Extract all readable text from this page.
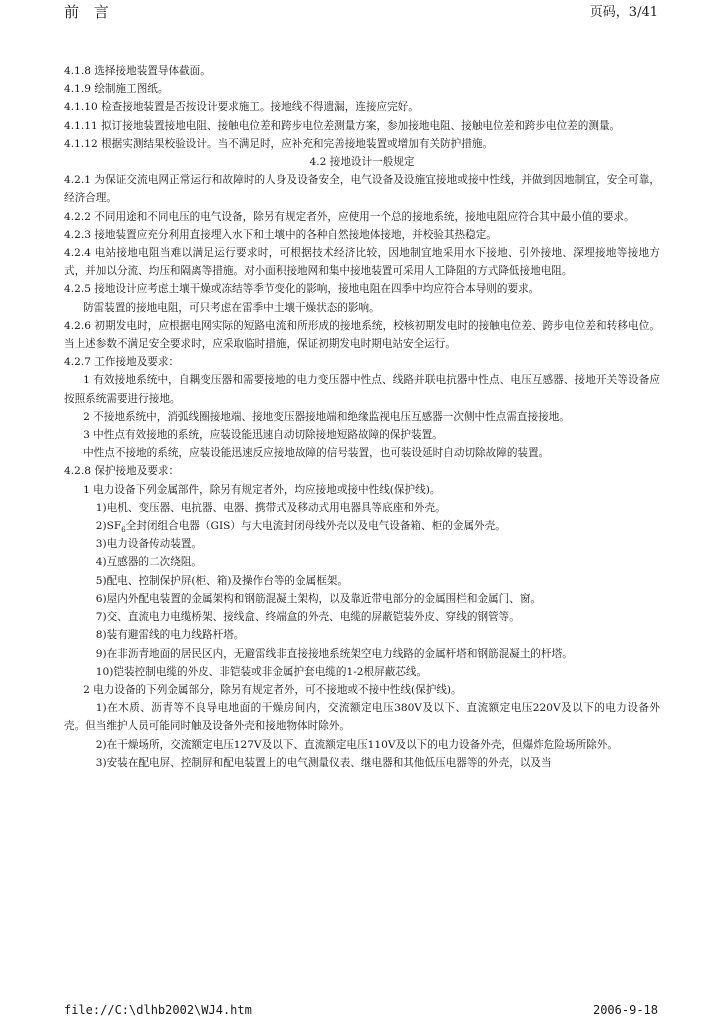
前 言	页码，3/41

4.1.8 选择接地装置导体截面。

4.1.9 绘制施工图纸。

4.1.10 检查接地装置是否按设计要求施工。接地线不得遗漏，连接应完好。

4.1.11 拟订接地装置接地电阻、接触电位差和跨步电位差测量方案，参加接地电阻、接触电位差和跨步电位差的测量。

4.1.12 根据实测结果校验设计。当不满足时，应补充和完善接地装置或增加有关防护措施。

4.2 接地设计一般规定

4.2.1 为保证交流电网正常运行和故障时的人身及设备安全，电气设备及设施宜接地或接中性线，并做到因地制宜，安全可靠，经济合理。

4.2.2 不同用途和不同电压的电气设备，除另有规定者外，应使用一个总的接地系统，接地电阻应符合其中最小值的要求。

4.2.3 接地装置应充分利用直接埋入水下和土壤中的各种自然接地体接地，并校验其热稳定。

4.2.4 电站接地电阻当难以满足运行要求时，可根据技术经济比较，因地制宜地采用水下接地、引外接地、深埋接地等接地方式，并加以分流、均压和隔离等措施。对小面积接地网和集中接地装置可采用人工降阻的方式降低接地电阻。

4.2.5 接地设计应考虑土壤干燥或冻结等季节变化的影响，接地电阻在四季中均应符合本导则的要求。

防雷装置的接地电阻，可只考虑在雷季中土壤干燥状态的影响。

4.2.6 初期发电时，应根据电网实际的短路电流和所形成的接地系统，校核初期发电时的接触电位差、跨步电位差和转移电位。当上述参数不满足安全要求时，应采取临时措施，保证初期发电时期电站安全运行。

4.2.7 工作接地及要求：

1 有效接地系统中，自耦变压器和需要接地的电力变压器中性点、线路并联电抗器中性点、电压互感器、接地开关等设备应按照系统需要进行接地。

2 不接地系统中，消弧线圈接地端、接地变压器接地端和绝缘监视电压互感器一次侧中性点需直接接地。

3 中性点有效接地的系统，应装设能迅速自动切除接地短路故障的保护装置。

中性点不接地的系统，应装设能迅速反应接地故障的信号装置，也可装设延时自动切除故障的装置。

4.2.8 保护接地及要求：

1 电力设备下列金属部件，除另有规定者外，均应接地或接中性线(保护线)。

1)电机、变压器、电抗器、电器、携带式及移动式用电器具等底座和外壳。

$2)SF_6$全封闭组合电器（GIS）与大电流封闭母线外壳以及电气设备箱、柜的金属外壳。

3)电力设备传动装置。

4)互感器的二次绕阻。

5)配电、控制保护屏(柜、箱)及操作台等的金属框架。

6)屋内外配电装置的金属架构和钢筋混凝土架构，以及靠近带电部分的金属围栏和金属门、窗。

7)交、直流电力电缆桥架、接线盒、终端盒的外壳、电缆的屏蔽铠装外皮、穿线的钢管等。

8)装有避雷线的电力线路杆塔。

9)在非沥青地面的居民区内，无避雷线非直接接地系统架空电力线路的金属杆塔和钢筋混凝土的杆塔。

10)铠装控制电缆的外皮、非铠装或非金属护套电缆的1-2根屏蔽芯线。

2 电力设备的下列金属部分，除另有规定者外，可不接地或不接中性线(保护线)。

1)在木质、沥青等不良导电地面的干燥房间内，交流额定电压380V及以下、直流额定电压220V及以下的电力设备外壳。但当维护人员可能同时触及设备外壳和接地物体时除外。

2)在干燥场所，交流额定电压127V及以下、直流额定电压110V及以下的电力设备外壳，但爆炸危险场所除外。

3)安装在配电屏、控制屏和配电装置上的电气测量仪表、继电器和其他低压电器等的外壳，以及当

file://C:\dlhb2002\WJ4.htm	2006-9-18
